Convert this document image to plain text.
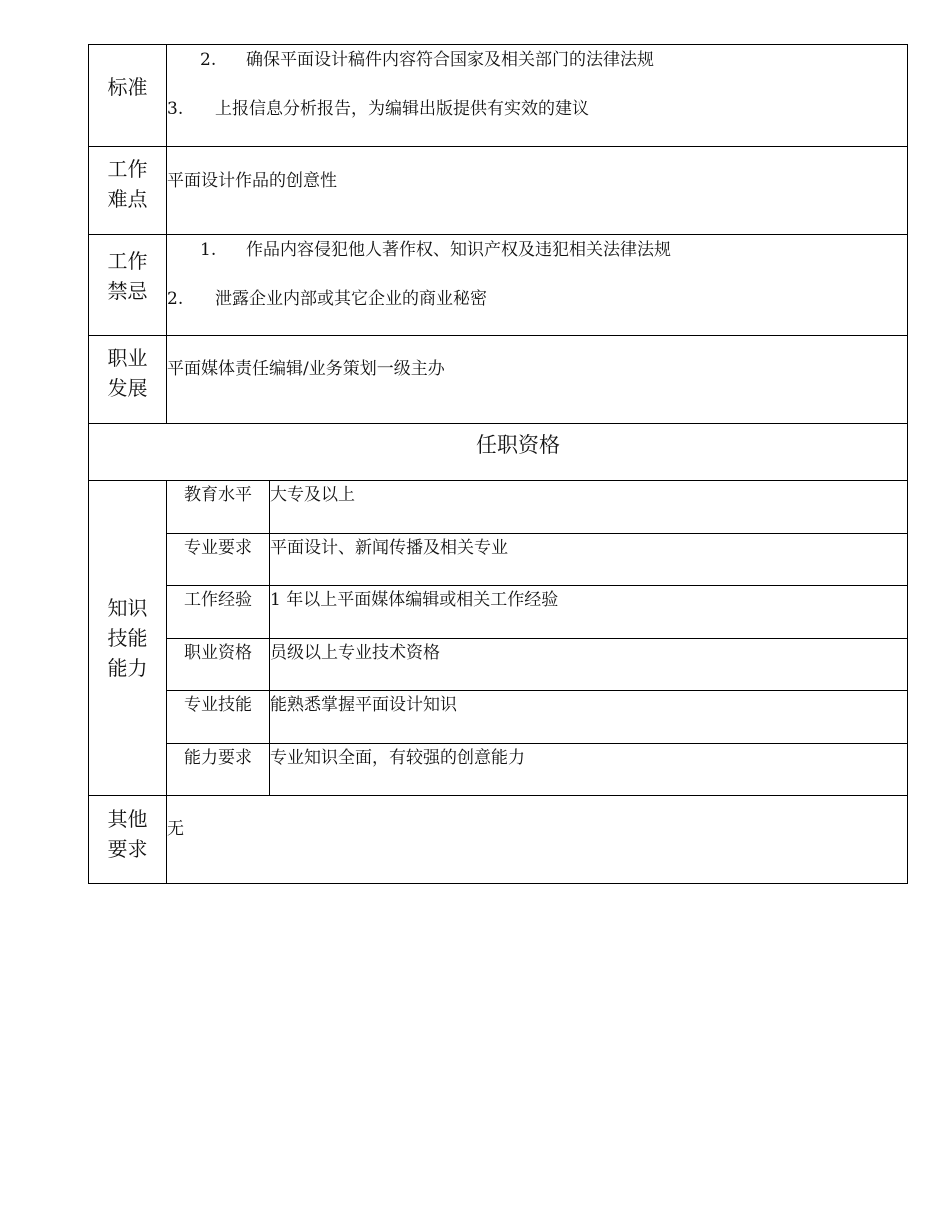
标准	2. 确保平面设计稿件内容符合国家及相关部门的法律法规
3. 上报信息分析报告，为编辑出版提供有实效的建议	

工作
难点	平面设计作品的创意性	

工作
禁忌	1. 作品内容侵犯他人著作权、知识产权及违犯相关法律法规
2. 泄露企业内部或其它企业的商业秘密	

职业
发展	平面媒体责任编辑/业务策划一级主办	

任职资格		

知识
技能
能力	教育水平	大专及以上

	专业要求	平面设计、新闻传播及相关专业

	工作经验	1 年以上平面媒体编辑或相关工作经验

	职业资格	员级以上专业技术资格

	专业技能	能熟悉掌握平面设计知识

	能力要求	专业知识全面，有较强的创意能力

其他
要求	无	
